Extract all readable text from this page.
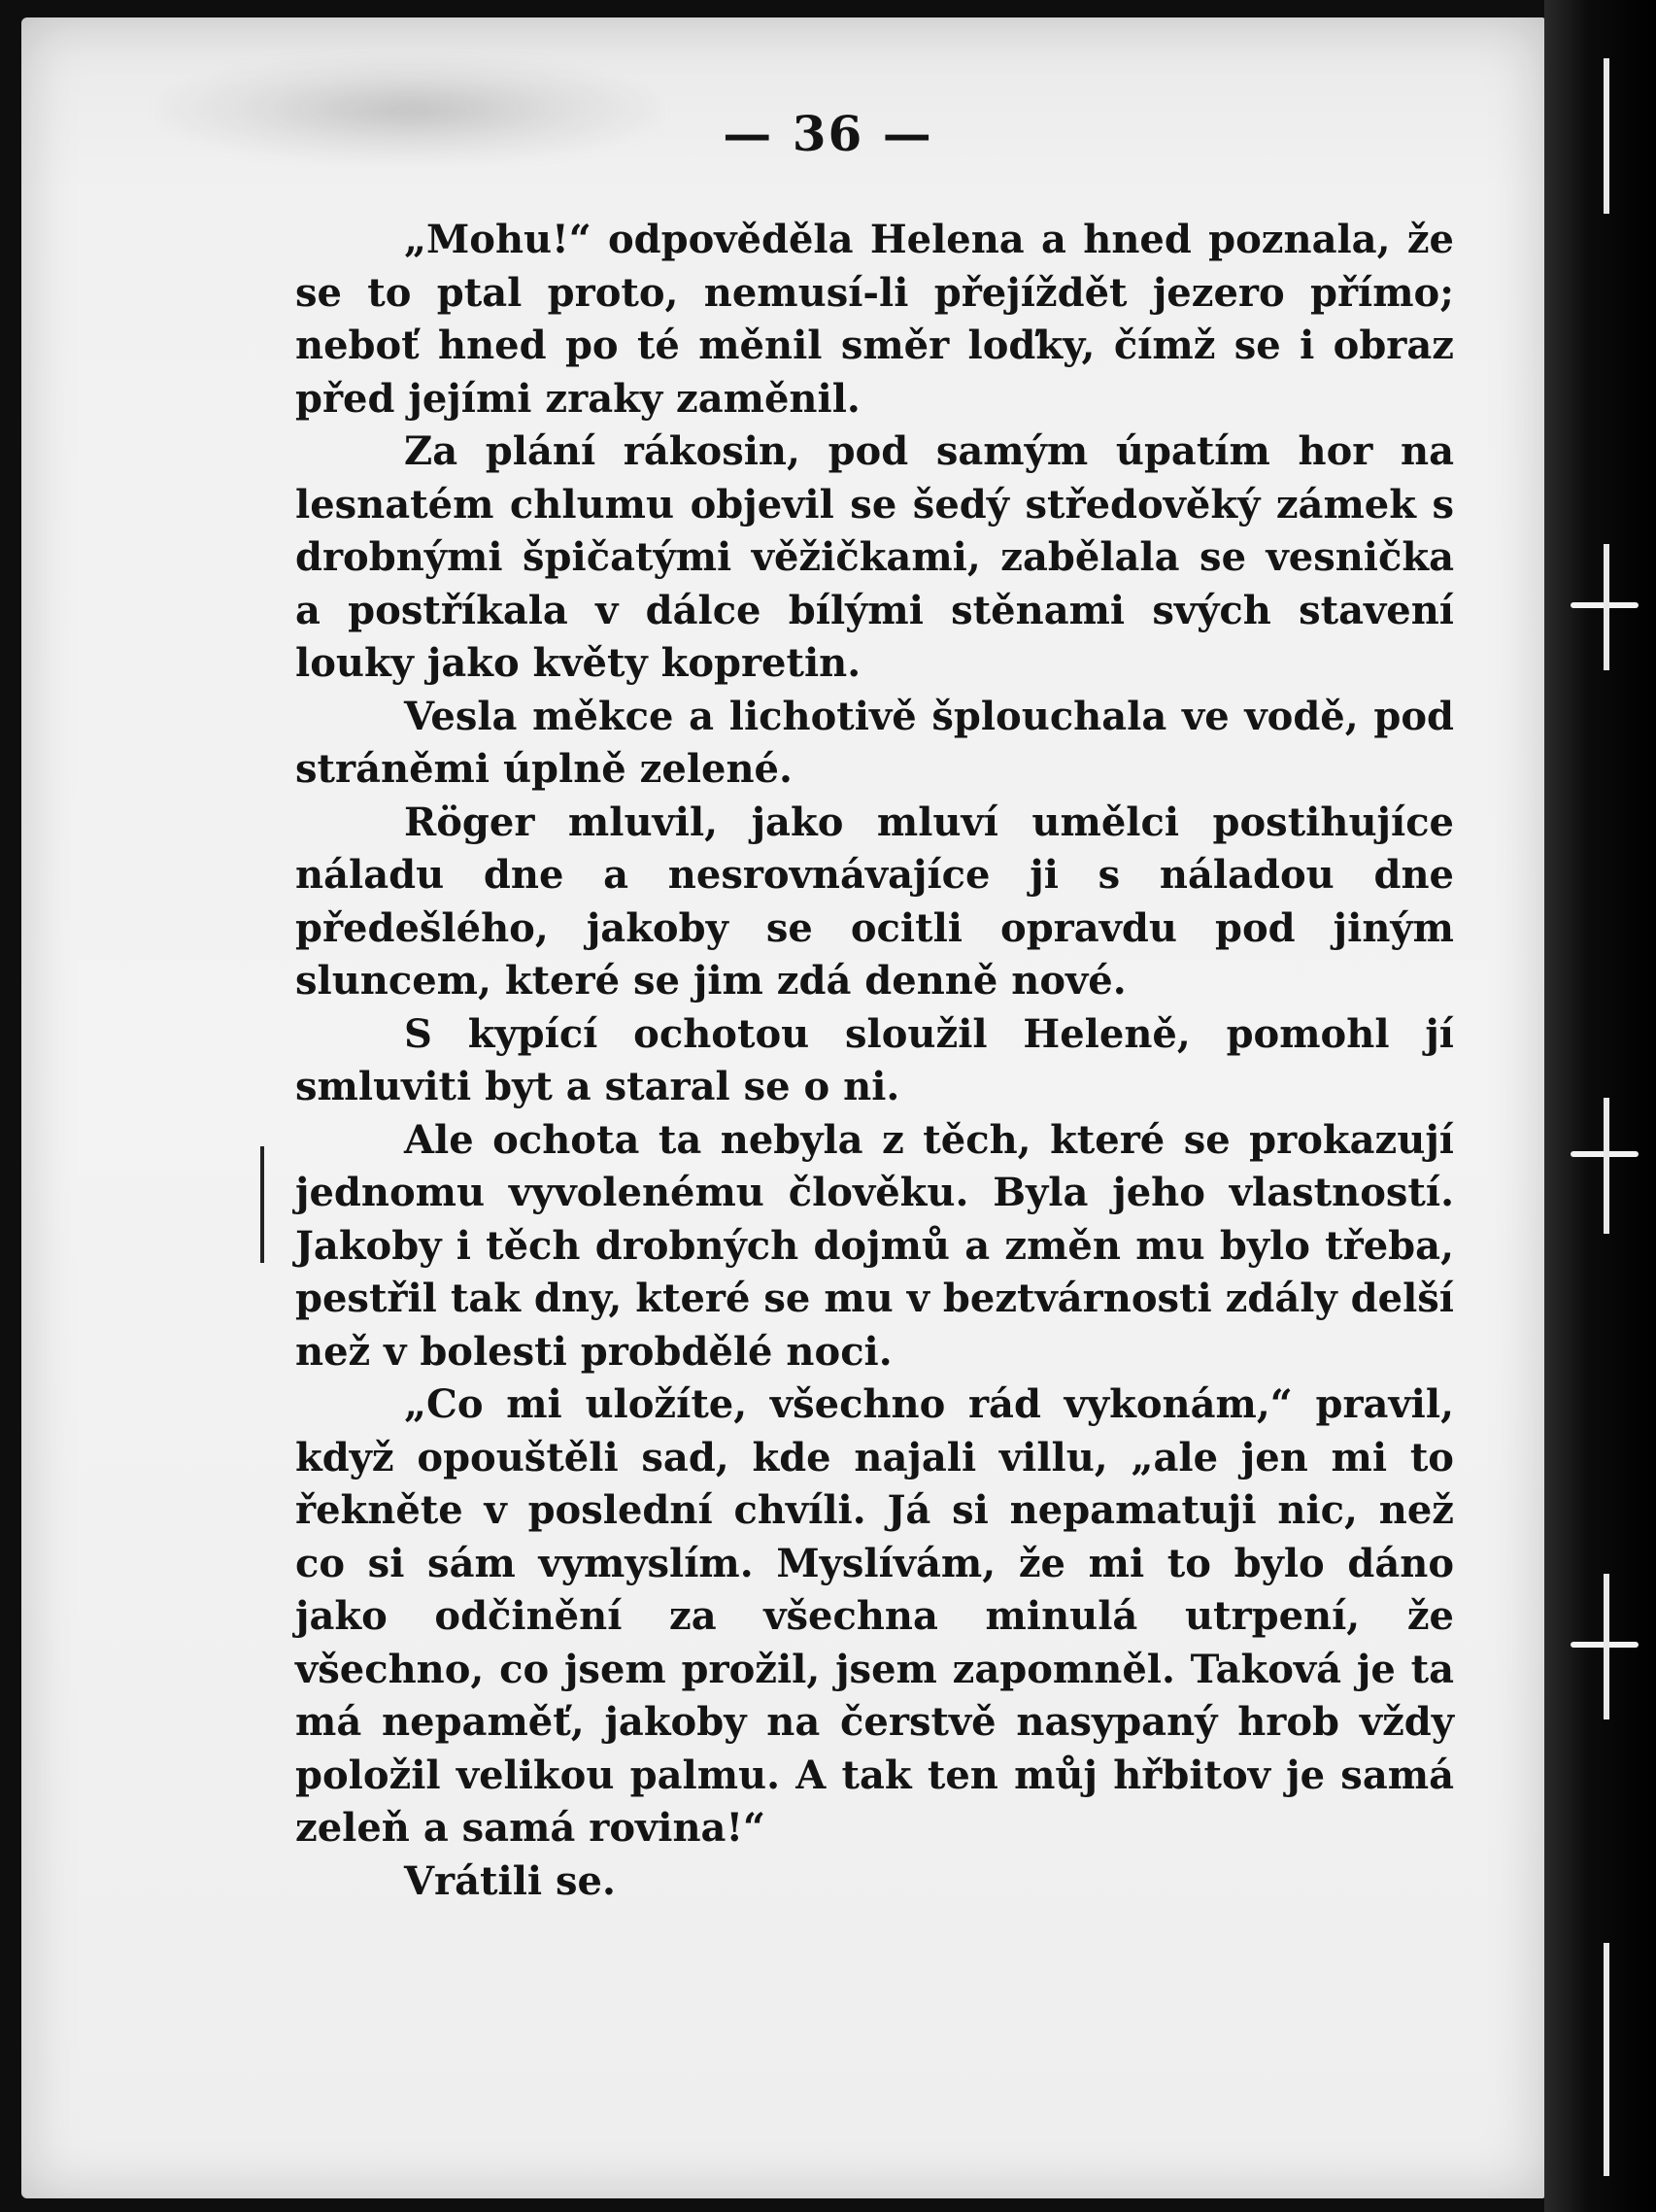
— 36 —

„Mohu!“ odpověděla Helena a hned poznala, že se to ptal proto, nemusí-li přejíždět jezero přímo; neboť hned po té měnil směr loďky, čímž se i obraz před jejími zraky zaměnil.

Za plání rákosin, pod samým úpatím hor na lesnatém chlumu objevil se šedý středověký zámek s drobnými špičatými věžičkami, zabělala se vesnička a postříkala v dálce bílými stěnami svých stavení louky jako květy kopretin.

Vesla měkce a lichotivě šplouchala ve vodě, pod stráněmi úplně zelené.

Röger mluvil, jako mluví umělci postihujíce náladu dne a nesrovnávajíce ji s náladou dne předešlého, jakoby se ocitli opravdu pod jiným sluncem, které se jim zdá denně nové.

S kypící ochotou sloužil Heleně, pomohl jí smluviti byt a staral se o ni.

Ale ochota ta nebyla z těch, které se prokazují jednomu vyvolenému člověku. Byla jeho vlastností. Jakoby i těch drobných dojmů a změn mu bylo třeba, pestřil tak dny, které se mu v beztvárnosti zdály delší než v bolesti probdělé noci.

„Co mi uložíte, všechno rád vykonám,“ pravil, když opouštěli sad, kde najali villu, „ale jen mi to řekněte v poslední chvíli. Já si nepamatuji nic, než co si sám vymyslím. Myslívám, že mi to bylo dáno jako odčinění za všechna minulá utrpení, že všechno, co jsem prožil, jsem zapomněl. Taková je ta má nepaměť, jakoby na čerstvě nasypaný hrob vždy položil velikou palmu. A tak ten můj hřbitov je samá zeleň a samá rovina!“

Vrátili se.
